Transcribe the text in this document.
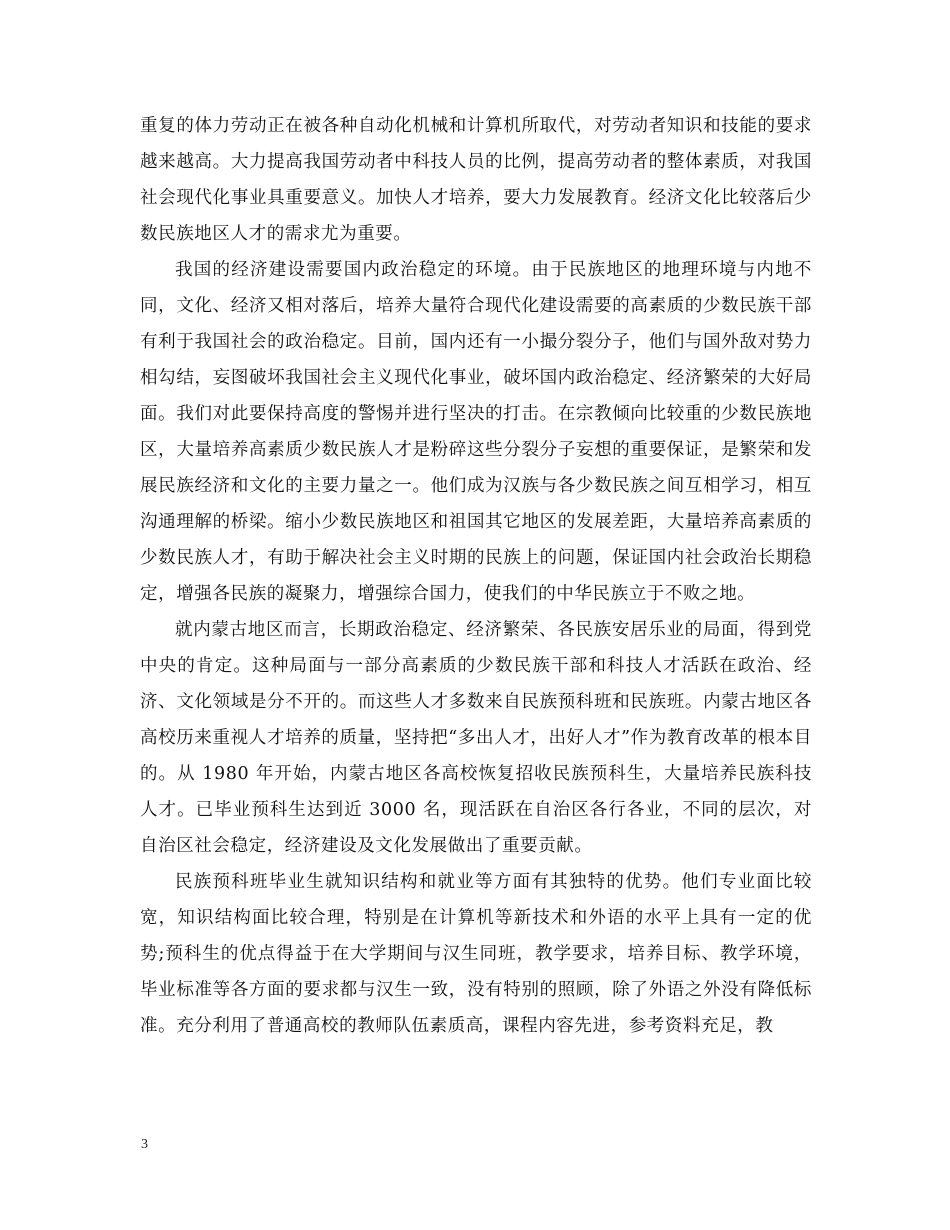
重复的体力劳动正在被各种自动化机械和计算机所取代，对劳动者知识和技能的要求越来越高。大力提高我国劳动者中科技人员的比例，提高劳动者的整体素质，对我国社会现代化事业具重要意义。加快人才培养，要大力发展教育。经济文化比较落后少数民族地区人才的需求尤为重要。

我国的经济建设需要国内政治稳定的环境。由于民族地区的地理环境与内地不同，文化、经济又相对落后，培养大量符合现代化建设需要的高素质的少数民族干部有利于我国社会的政治稳定。目前，国内还有一小撮分裂分子，他们与国外敌对势力相勾结，妄图破坏我国社会主义现代化事业，破坏国内政治稳定、经济繁荣的大好局面。我们对此要保持高度的警惕并进行坚决的打击。在宗教倾向比较重的少数民族地区，大量培养高素质少数民族人才是粉碎这些分裂分子妄想的重要保证，是繁荣和发展民族经济和文化的主要力量之一。他们成为汉族与各少数民族之间互相学习，相互沟通理解的桥梁。缩小少数民族地区和祖国其它地区的发展差距，大量培养高素质的少数民族人才，有助于解决社会主义时期的民族上的问题，保证国内社会政治长期稳定，增强各民族的凝聚力，增强综合国力，使我们的中华民族立于不败之地。

就内蒙古地区而言，长期政治稳定、经济繁荣、各民族安居乐业的局面，得到党中央的肯定。这种局面与一部分高素质的少数民族干部和科技人才活跃在政治、经济、文化领域是分不开的。而这些人才多数来自民族预科班和民族班。内蒙古地区各高校历来重视人才培养的质量，坚持把“多出人才，出好人才”作为教育改革的根本目的。从 1980 年开始，内蒙古地区各高校恢复招收民族预科生，大量培养民族科技人才。已毕业预科生达到近 3000 名，现活跃在自治区各行各业，不同的层次，对自治区社会稳定，经济建设及文化发展做出了重要贡献。

民族预科班毕业生就知识结构和就业等方面有其独特的优势。他们专业面比较宽，知识结构面比较合理，特别是在计算机等新技术和外语的水平上具有一定的优势;预科生的优点得益于在大学期间与汉生同班，教学要求，培养目标、教学环境，毕业标准等各方面的要求都与汉生一致，没有特别的照顾，除了外语之外没有降低标准。充分利用了普通高校的教师队伍素质高，课程内容先进，参考资料充足，教

3
